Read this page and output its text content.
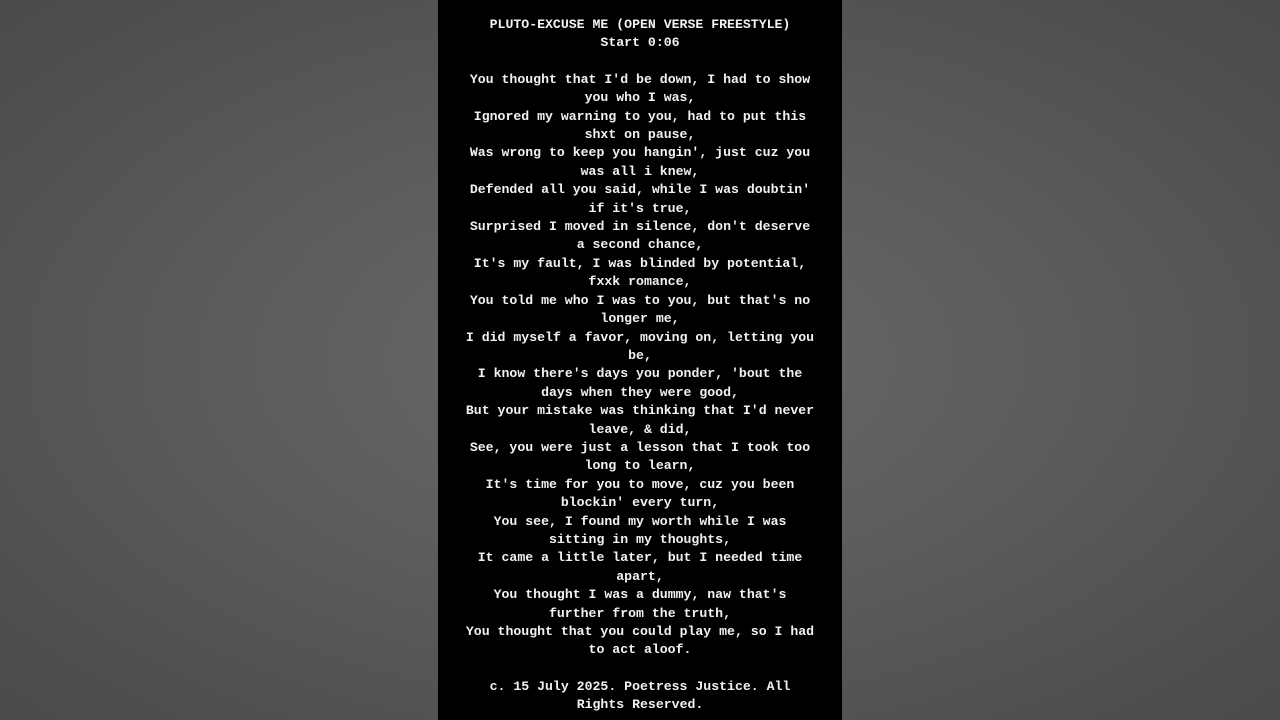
PLUTO-EXCUSE ME (OPEN VERSE FREESTYLE)
Start 0:06
You thought that I'd be down, I had to show you who I was,
Ignored my warning to you, had to put this shxt on pause,
Was wrong to keep you hangin', just cuz you was all i knew,
Defended all you said, while I was doubtin' if it's true,
Surprised I moved in silence, don't deserve a second chance,
It's my fault, I was blinded by potential, fxxk romance,
You told me who I was to you, but that's no longer me,
I did myself a favor, moving on, letting you be,
I know there's days you ponder, 'bout the days when they were good,
But your mistake was thinking that I'd never leave, & did,
See, you were just a lesson that I took too long to learn,
It's time for you to move, cuz you been blockin' every turn,
You see, I found my worth while I was sitting in my thoughts,
It came a little later, but I needed time apart,
You thought I was a dummy, naw that's further from the truth,
You thought that you could play me, so I had to act aloof.
c. 15 July 2025. Poetress Justice. All Rights Reserved.
